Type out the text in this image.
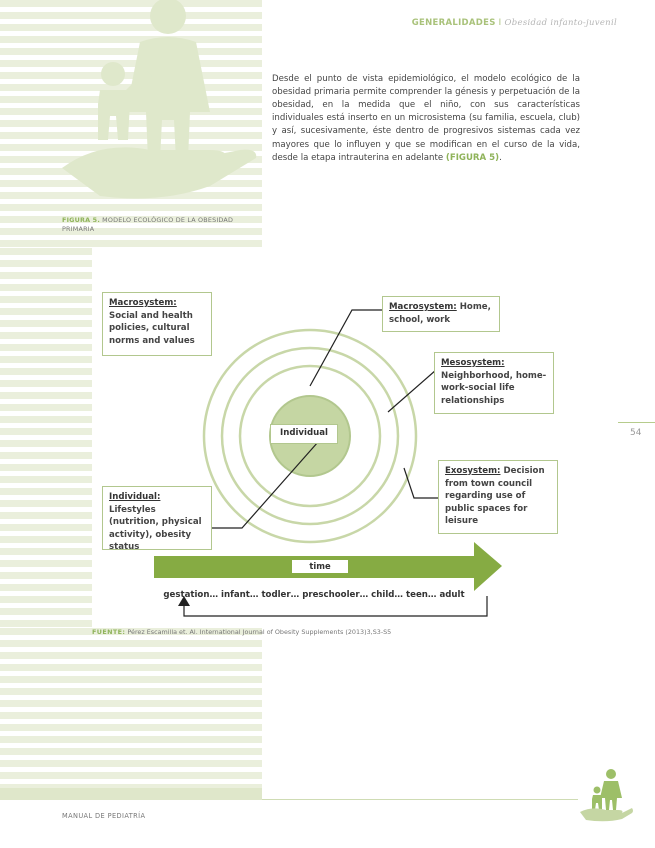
GENERALIDADES I Obesidad infanto-juvenil

Desde el punto de vista epidemiológico, el modelo ecológico de la obesidad primaria permite comprender la génesis y perpetuación de la obesidad, en la medida que el niño, con sus características individuales está inserto en un microsistema (su familia, escuela, club) y así, sucesivamente, éste dentro de progresivos sistemas cada vez mayores que lo influyen y que se modifican en el curso de la vida, desde la etapa intrauterina en adelante (FIGURA 5).

FIGURA 5. MODELO ECOLÓGICO DE LA OBESIDAD PRIMARIA
54
Individual
Macrosystem: Social and health policies, cultural norms and values
Macrosystem: Home, school, work
Mesosystem: Neighborhood, home-work-social life relationships
Exosystem: Decision from town council regarding use of public spaces for leisure
Individual: Lifestyles (nutrition, physical activity), obesity status
time
gestation… infant… todler… preschooler… child… teen… adult
FUENTE: Pérez Escamilla et. Al. International Journal of Obesity Supplements (2013)3,S3-S5
MANUAL DE PEDIATRÍA
